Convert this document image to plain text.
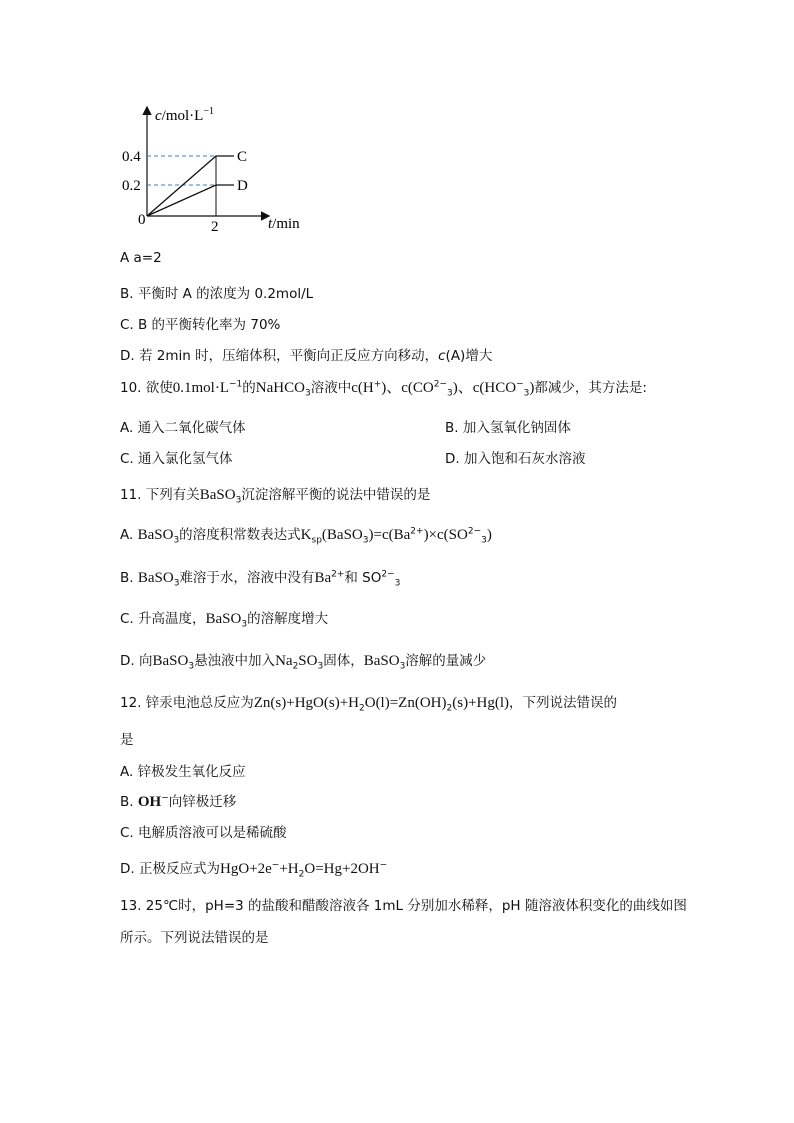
$c/mol\cdot L^{-1}$
0.4
0.2
0	2	t/min
C
D
A a=2
B. 平衡时 A 的浓度为 0.2mol/L
C. B 的平衡转化率为 70%
D. 若 2min 时，压缩体积，平衡向正反应方向移动，c(A)增大
10. 欲使$0.1mol\cdot L^{-1}$的NaHCO$_3$溶液中c(H+)、$c(CO^{2-}_3)$、$c(HCO^-_3)$都减少，其方法是:
A. 通入二氧化碳气体	B. 加入氢氧化钠固体
C. 通入氯化氢气体	D. 加入饱和石灰水溶液
11. 下列有关BaSO$_3$沉淀溶解平衡的说法中错误的是
A. BaSO$_3$的溶度积常数表达式$K_{sp}(BaSO_3)=c(Ba^{2+})\times c(SO^{2-}_3)$
B. BaSO$_3$难溶于水，溶液中没有$Ba^{2+}$和 $SO^{2-}_3$
C. 升高温度，BaSO$_3$的溶解度增大
D. 向BaSO$_3$悬浊液中加入$Na_2SO_3$固体，BaSO$_3$溶解的量减少
12. 锌汞电池总反应为$Zn(s)+HgO(s)+H_2O(l)=Zn(OH)_2(s)+Hg(l)$，下列说法错误的
是
A. 锌极发生氧化反应
B. OH−向锌极迁移
C. 电解质溶液可以是稀硫酸
D. 正极反应式为$HgO+2e^-+H_2O=Hg+2OH^-$
13. 25℃时，pH=3 的盐酸和醋酸溶液各 1mL 分别加水稀释，pH 随溶液体积变化的曲线如图
所示。下列说法错误的是
